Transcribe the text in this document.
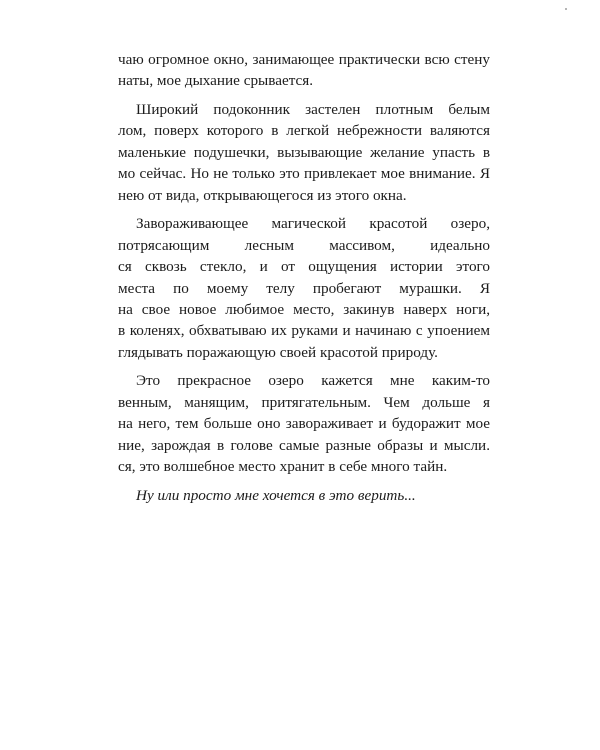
чаю огромное окно, занимающее практически всю стену
наты, мое дыхание срывается.
Широкий подоконник застелен плотным белым
лом, поверх которого в легкой небрежности валяются
маленькие подушечки, вызывающие желание упасть в
мо сейчас. Но не только это привлекает мое внимание. Я
нею от вида, открывающегося из этого окна.
Завораживающее магической красотой озеро,
потрясающим лесным массивом, идеально
ся сквозь стекло, и от ощущения истории этого
места по моему телу пробегают мурашки. Я
на свое новое любимое место, закинув наверх ноги,
в коленях, обхватываю их руками и начинаю с упоением
глядывать поражающую своей красотой природу.
Это прекрасное озеро кажется мне каким-то
венным, манящим, притягательным. Чем дольше я
на него, тем больше оно завораживает и будоражит мое
ние, зарождая в голове самые разные образы и мысли.
ся, это волшебное место хранит в себе много тайн.
Ну или просто мне хочется в это верить...
